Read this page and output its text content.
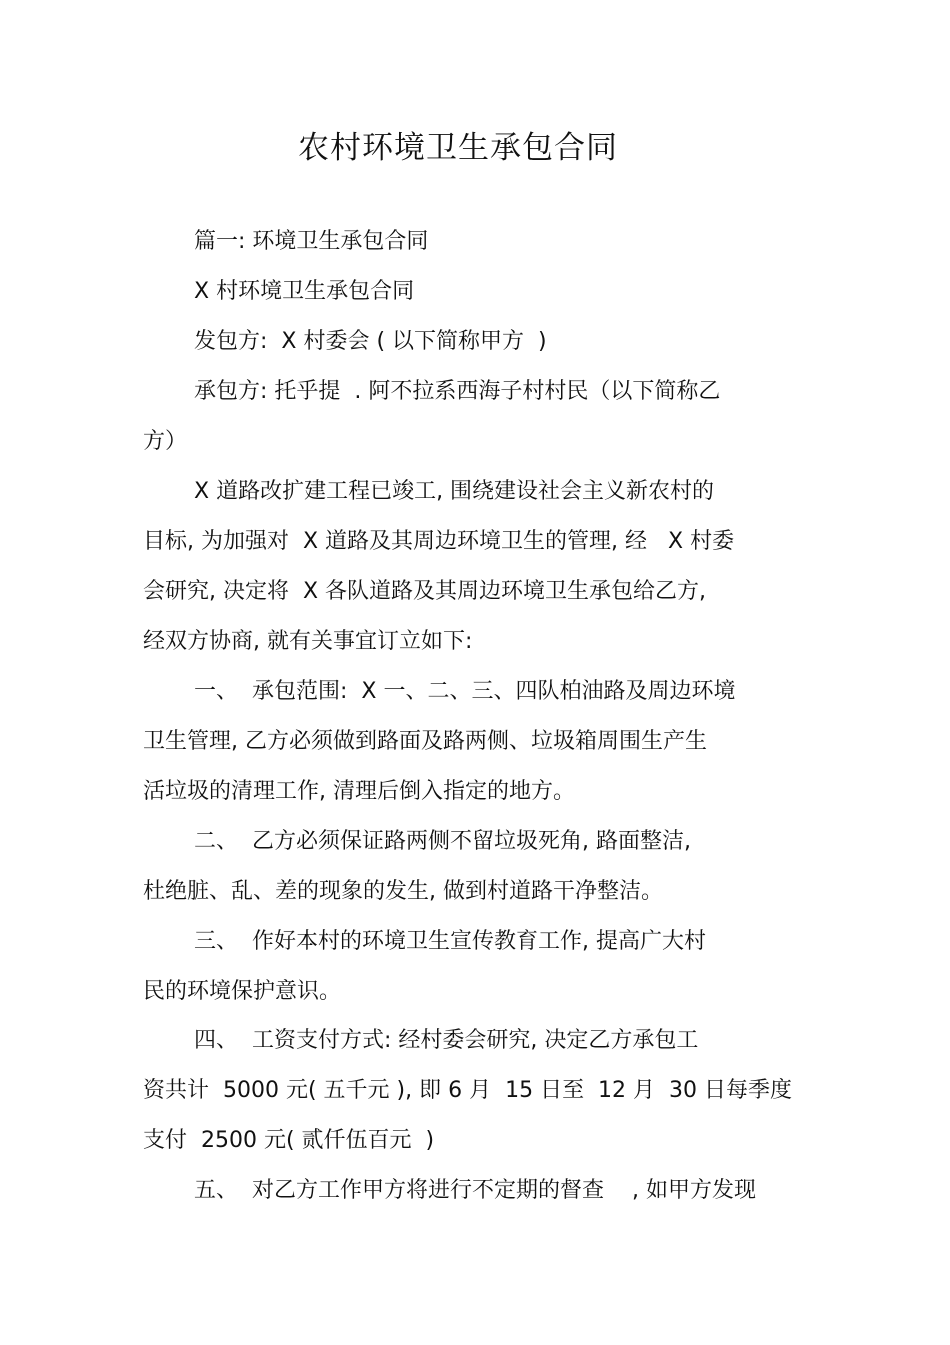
农村环境卫生承包合同
篇一: 环境卫生承包合同
X 村环境卫生承包合同
发包方:  X 村委会 ( 以下简称甲方  )
承包方: 托乎提  . 阿不拉系西海子村村民（以下简称乙
方）
X 道路改扩建工程已竣工, 围绕建设社会主义新农村的
目标, 为加强对  X 道路及其周边环境卫生的管理, 经   X 村委
会研究, 决定将  X 各队道路及其周边环境卫生承包给乙方,
经双方协商, 就有关事宜订立如下:
一、  承包范围:  X 一、二、三、四队柏油路及周边环境
卫生管理, 乙方必须做到路面及路两侧、垃圾箱周围生产生
活垃圾的清理工作, 清理后倒入指定的地方。
二、  乙方必须保证路两侧不留垃圾死角, 路面整洁,
杜绝脏、乱、差的现象的发生, 做到村道路干净整洁。
三、  作好本村的环境卫生宣传教育工作, 提高广大村
民的环境保护意识。
四、  工资支付方式: 经村委会研究, 决定乙方承包工
资共计  5000 元( 五千元 ), 即 6 月  15 日至  12 月  30 日每季度
支付  2500 元( 贰仟伍百元  )
五、  对乙方工作甲方将进行不定期的督查    , 如甲方发现
